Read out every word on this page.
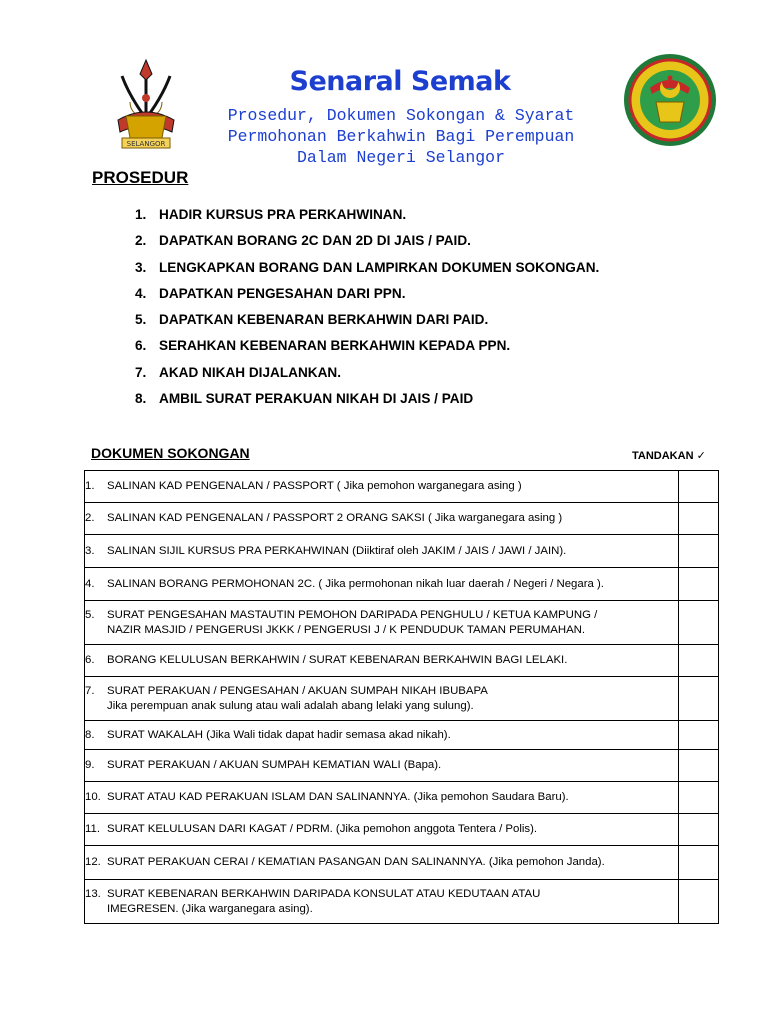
SELANGOR
Senaral Semak
Prosedur, Dokumen Sokongan & Syarat
Permohonan Berkahwin Bagi Perempuan
Dalam Negeri Selangor
PROSEDUR
1. HADIR KURSUS PRA PERKAHWINAN.
2. DAPATKAN BORANG 2C DAN 2D DI JAIS / PAID.
3. LENGKAPKAN BORANG DAN LAMPIRKAN DOKUMEN SOKONGAN.
4. DAPATKAN PENGESAHAN DARI PPN.
5. DAPATKAN KEBENARAN BERKAHWIN DARI PAID.
6. SERAHKAN KEBENARAN BERKAHWIN KEPADA PPN.
7. AKAD NIKAH DIJALANKAN.
8. AMBIL SURAT PERAKUAN NIKAH DI JAIS / PAID
DOKUMEN SOKONGAN	TANDAKAN ✓
1. SALINAN KAD PENGENALAN / PASSPORT ( Jika pemohon warganegara asing )	
2. SALINAN KAD PENGENALAN / PASSPORT 2 ORANG SAKSI ( Jika warganegara asing )	
3. SALINAN SIJIL KURSUS PRA PERKAHWINAN (Diiktiraf oleh JAKIM / JAIS / JAWI / JAIN).	
4. SALINAN BORANG PERMOHONAN 2C. ( Jika permohonan nikah luar daerah / Negeri / Negara ).	
5. SURAT PENGESAHAN MASTAUTIN PEMOHON DARIPADA PENGHULU / KETUA KAMPUNG /
NAZIR MASJID / PENGERUSI JKKK / PENGERUSI J / K PENDUDUK TAMAN PERUMAHAN.	

6. BORANG KELULUSAN BERKAHWIN / SURAT KEBENARAN BERKAHWIN BAGI LELAKI.	
7. SURAT PERAKUAN / PENGESAHAN / AKUAN SUMPAH NIKAH IBUBAPA
Jika perempuan anak sulung atau wali adalah abang lelaki yang sulung).	

8. SURAT WAKALAH (Jika Wali tidak dapat hadir semasa akad nikah).	
9. SURAT PERAKUAN / AKUAN SUMPAH KEMATIAN WALI (Bapa).	
10. SURAT ATAU KAD PERAKUAN ISLAM DAN SALINANNYA. (Jika pemohon Saudara Baru).	
11. SURAT KELULUSAN DARI KAGAT / PDRM. (Jika pemohon anggota Tentera / Polis).	
12. SURAT PERAKUAN CERAI / KEMATIAN PASANGAN DAN SALINANNYA. (Jika pemohon Janda).	
13. SURAT KEBENARAN BERKAHWIN DARIPADA KONSULAT ATAU KEDUTAAN ATAU
IMEGRESEN. (Jika warganegara asing).	
